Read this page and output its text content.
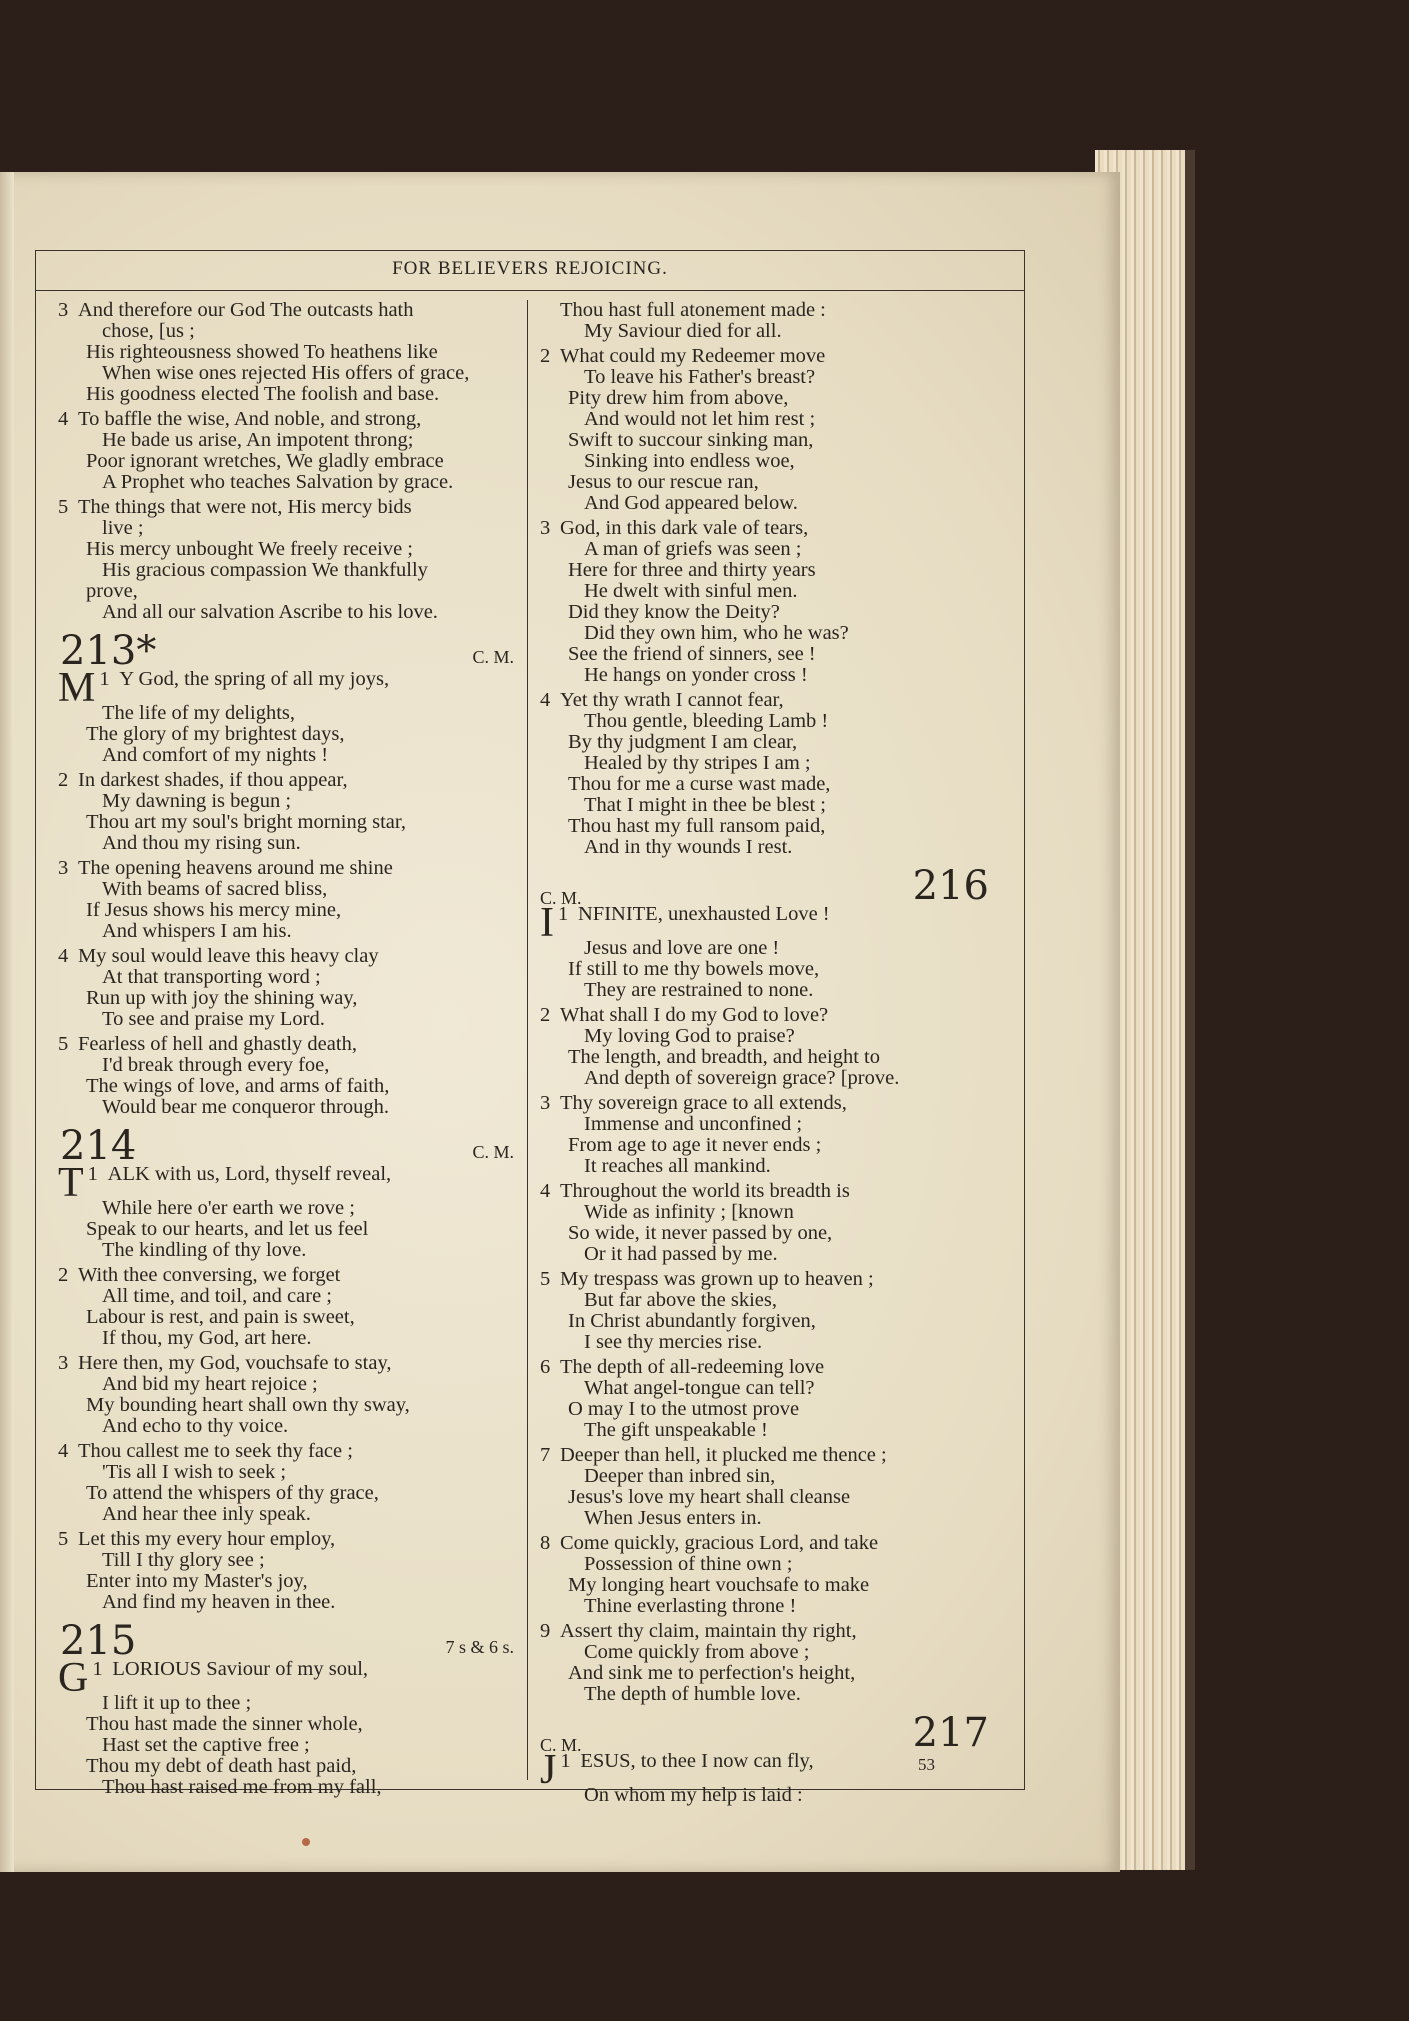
FOR BELIEVERS REJOICING.
3 And therefore our God The outcasts hath
chose, [us ;
His righteousness showed To heathens like
When wise ones rejected His offers of grace,
His goodness elected The foolish and base.
4 To baffle the wise, And noble, and strong,
He bade us arise, An impotent throng;
Poor ignorant wretches, We gladly embrace
A Prophet who teaches Salvation by grace.
5 The things that were not, His mercy bids
live ;
His mercy unbought We freely receive ;
His gracious compassion We thankfully
prove,
And all our salvation Ascribe to his love.
213*	C. M.
1
M Y God, the spring of all my joys,
The life of my delights,
The glory of my brightest days,
And comfort of my nights !
2 In darkest shades, if thou appear,
My dawning is begun ;
Thou art my soul's bright morning star,
And thou my rising sun.
3 The opening heavens around me shine
With beams of sacred bliss,
If Jesus shows his mercy mine,
And whispers I am his.
4 My soul would leave this heavy clay
At that transporting word ;
Run up with joy the shining way,
To see and praise my Lord.
5 Fearless of hell and ghastly death,
I'd break through every foe,
The wings of love, and arms of faith,
Would bear me conqueror through.
214	C. M.
1
T ALK with us, Lord, thyself reveal,
While here o'er earth we rove ;
Speak to our hearts, and let us feel
The kindling of thy love.
2 With thee conversing, we forget
All time, and toil, and care ;
Labour is rest, and pain is sweet,
If thou, my God, art here.
3 Here then, my God, vouchsafe to stay,
And bid my heart rejoice ;
My bounding heart shall own thy sway,
And echo to thy voice.
4 Thou callest me to seek thy face ;
'Tis all I wish to seek ;
To attend the whispers of thy grace,
And hear thee inly speak.
5 Let this my every hour employ,
Till I thy glory see ;
Enter into my Master's joy,
And find my heaven in thee.
215	7 s & 6 s.
1
G LORIOUS Saviour of my soul,
I lift it up to thee ;
Thou hast made the sinner whole,
Hast set the captive free ;
Thou my debt of death hast paid,
Thou hast raised me from my fall,
Thou hast full atonement made :
My Saviour died for all.
2 What could my Redeemer move
To leave his Father's breast?
Pity drew him from above,
And would not let him rest ;
Swift to succour sinking man,
Sinking into endless woe,
Jesus to our rescue ran,
And God appeared below.
3 God, in this dark vale of tears,
A man of griefs was seen ;
Here for three and thirty years
He dwelt with sinful men.
Did they know the Deity?
Did they own him, who he was?
See the friend of sinners, see !
He hangs on yonder cross !
4 Yet thy wrath I cannot fear,
Thou gentle, bleeding Lamb !
By thy judgment I am clear,
Healed by thy stripes I am ;
Thou for me a curse wast made,
That I might in thee be blest ;
Thou hast my full ransom paid,
And in thy wounds I rest.
216
C. M.
1
I NFINITE, unexhausted Love !
Jesus and love are one !
If still to me thy bowels move,
They are restrained to none.
2 What shall I do my God to love?
My loving God to praise?
The length, and breadth, and height to
And depth of sovereign grace? [prove.
3 Thy sovereign grace to all extends,
Immense and unconfined ;
From age to age it never ends ;
It reaches all mankind.
4 Throughout the world its breadth is
Wide as infinity ; [known
So wide, it never passed by one,
Or it had passed by me.
5 My trespass was grown up to heaven ;
But far above the skies,
In Christ abundantly forgiven,
I see thy mercies rise.
6 The depth of all-redeeming love
What angel-tongue can tell?
O may I to the utmost prove
The gift unspeakable !
7 Deeper than hell, it plucked me thence ;
Deeper than inbred sin,
Jesus's love my heart shall cleanse
When Jesus enters in.
8 Come quickly, gracious Lord, and take
Possession of thine own ;
My longing heart vouchsafe to make
Thine everlasting throne !
9 Assert thy claim, maintain thy right,
Come quickly from above ;
And sink me to perfection's height,
The depth of humble love.
217
C. M.
1
J ESUS, to thee I now can fly,
On whom my help is laid :
53
